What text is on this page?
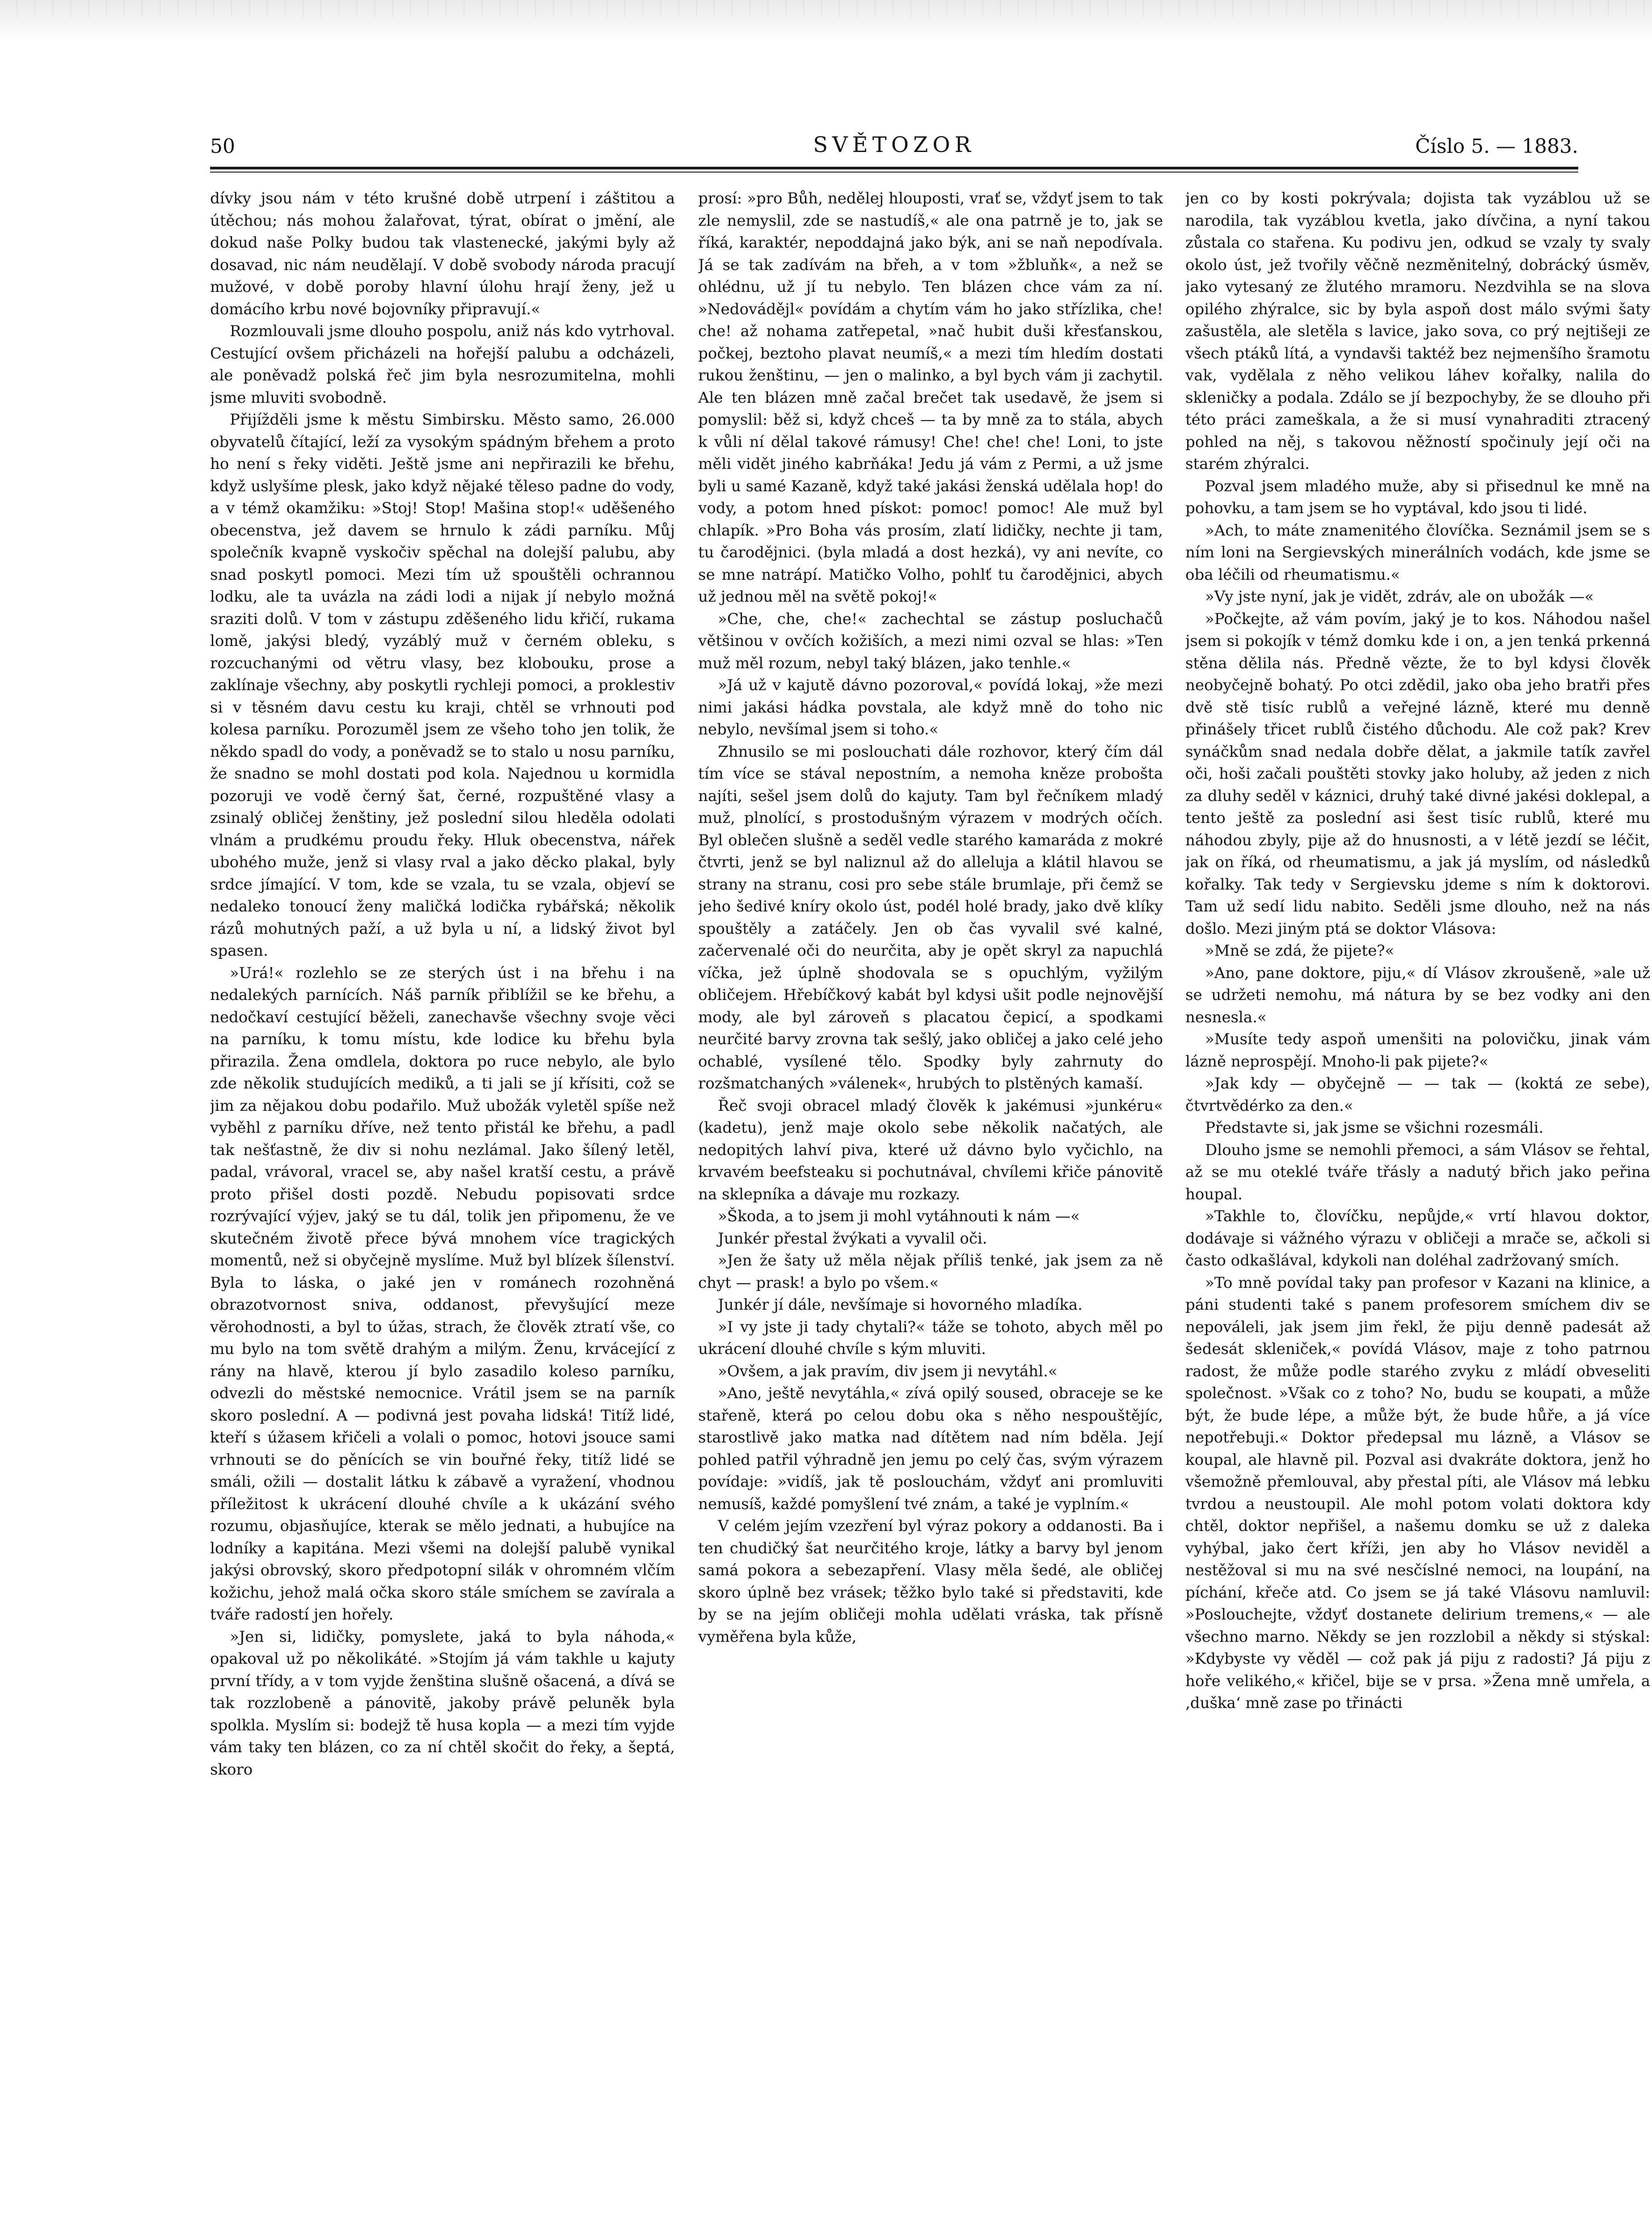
50	SVĚTOZOR	Číslo 5. — 1883.

dívky jsou nám v této krušné době utrpení i záštitou a útěchou; nás mohou žalařovat, týrat, obírat o jmění, ale dokud naše Polky budou tak vlastenecké, jakými byly až dosavad, nic nám neudělají. V době svobody národa pracují mužové, v době poroby hlavní úlohu hrají ženy, jež u domácího krbu nové bojovníky připravují.«

Rozmlouvali jsme dlouho pospolu, aniž nás kdo vytrhoval. Cestující ovšem přicházeli na hořejší palubu a odcházeli, ale poněvadž polská řeč jim byla nesrozumitelna, mohli jsme mluviti svobodně.

Přijížděli jsme k městu Simbirsku. Město samo, 26.000 obyvatelů čítající, leží za vysokým spádným břehem a proto ho není s řeky viděti. Ještě jsme ani nepřirazili ke břehu, když uslyšíme plesk, jako když nějaké těleso padne do vody, a v témž okamžiku: »Stoj! Stop! Mašina stop!« uděšeného obecenstva, jež davem se hrnulo k zádi parníku. Můj společník kvapně vyskočiv spěchal na dolejší palubu, aby snad poskytl pomoci. Mezi tím už spouštěli ochrannou lodku, ale ta uvázla na zádi lodi a nijak jí nebylo možná sraziti dolů. V tom v zástupu zděšeného lidu křičí, rukama lomě, jakýsi bledý, vyzáblý muž v černém obleku, s rozcuchanými od větru vlasy, bez klobouku, prose a zaklínaje všechny, aby poskytli rychleji pomoci, a proklestiv si v těsném davu cestu ku kraji, chtěl se vrhnouti pod kolesa parníku. Porozuměl jsem ze všeho toho jen tolik, že někdo spadl do vody, a poněvadž se to stalo u nosu parníku, že snadno se mohl dostati pod kola. Najednou u kormidla pozoruji ve vodě černý šat, černé, rozpuštěné vlasy a zsinalý obličej ženštiny, jež poslední silou hleděla odolati vlnám a prudkému proudu řeky. Hluk obecenstva, nářek ubohého muže, jenž si vlasy rval a jako děcko plakal, byly srdce jímající. V tom, kde se vzala, tu se vzala, objeví se nedaleko tonoucí ženy maličká lodička rybářská; několik rázů mohutných paží, a už byla u ní, a lidský život byl spasen.

»Urá!« rozlehlo se ze sterých úst i na břehu i na nedalekých parnících. Náš parník přiblížil se ke břehu, a nedočkaví cestující běželi, zanechavše všechny svoje věci na parníku, k tomu místu, kde lodice ku břehu byla přirazila. Žena omdlela, doktora po ruce nebylo, ale bylo zde několik studujících mediků, a ti jali se jí křísiti, což se jim za nějakou dobu podařilo. Muž ubožák vyletěl spíše než vyběhl z parníku dříve, než tento přistál ke břehu, a padl tak nešťastně, že div si nohu nezlámal. Jako šílený letěl, padal, vrávoral, vracel se, aby našel kratší cestu, a právě proto přišel dosti pozdě. Nebudu popisovati srdce rozrývající výjev, jaký se tu dál, tolik jen připomenu, že ve skutečném životě přece bývá mnohem více tragických momentů, než si obyčejně myslíme. Muž byl blízek šílenství. Byla to láska, o jaké jen v románech rozohněná obrazotvornost sniva, oddanost, převyšující meze věrohodnosti, a byl to úžas, strach, že člověk ztratí vše, co mu bylo na tom světě drahým a milým. Ženu, krvácející z rány na hlavě, kterou jí bylo zasadilo koleso parníku, odvezli do městské nemocnice. Vrátil jsem se na parník skoro poslední. A — podivná jest povaha lidská! Titíž lidé, kteří s úžasem křičeli a volali o pomoc, hotovi jsouce sami vrhnouti se do pěnících se vin bouřné řeky, titíž lidé se smáli, ožili — dostalit látku k zábavě a vyražení, vhodnou příležitost k ukrácení dlouhé chvíle a k ukázání svého rozumu, objasňujíce, kterak se mělo jednati, a hubujíce na lodníky a kapitána. Mezi všemi na dolejší palubě vynikal jakýsi obrovský, skoro předpotopní silák v ohromném vlčím kožichu, jehož malá očka skoro stále smíchem se zavírala a tváře radostí jen hořely.

»Jen si, lidičky, pomyslete, jaká to byla náhoda,« opakoval už po několikáté. »Stojím já vám takhle u kajuty první třídy, a v tom vyjde ženština slušně ošacená, a dívá se tak rozzlobeně a pánovitě, jakoby právě peluněk byla spolkla. Myslím si: bodejž tě husa kopla — a mezi tím vyjde vám taky ten blázen, co za ní chtěl skočit do řeky, a šeptá, skoro

prosí: »pro Bůh, nedělej hlouposti, vrať se, vždyť jsem to tak zle nemyslil, zde se nastudíš,« ale ona patrně je to, jak se říká, karaktér, nepoddajná jako býk, ani se naň nepodívala. Já se tak zadívám na břeh, a v tom »žbluňk«, a než se ohlédnu, už jí tu nebylo. Ten blázen chce vám za ní. »Nedovádějl« povídám a chytím vám ho jako střízlika, che! che! až nohama zatřepetal, »nač hubit duši křesťanskou, počkej, beztoho plavat neumíš,« a mezi tím hledím dostati rukou ženštinu, — jen o malinko, a byl bych vám ji zachytil. Ale ten blázen mně začal brečet tak usedavě, že jsem si pomyslil: běž si, když chceš — ta by mně za to stála, abych k vůli ní dělal takové rámusy! Che! che! che! Loni, to jste měli vidět jiného kabrňáka! Jedu já vám z Permi, a už jsme byli u samé Kazaně, když také jakási ženská udělala hop! do vody, a potom hned pískot: pomoc! pomoc! Ale muž byl chlapík. »Pro Boha vás prosím, zlatí lidičky, nechte ji tam, tu čarodějnici. (byla mladá a dost hezká), vy ani nevíte, co se mne natrápí. Matičko Volho, pohlť tu čarodějnici, abych už jednou měl na světě pokoj!«

»Che, che, che!« zachechtal se zástup posluchačů většinou v ovčích kožiších, a mezi nimi ozval se hlas: »Ten muž měl rozum, nebyl taký blázen, jako tenhle.«

»Já už v kajutě dávno pozoroval,« povídá lokaj, »že mezi nimi jakási hádka povstala, ale když mně do toho nic nebylo, nevšímal jsem si toho.«

Zhnusilo se mi poslouchati dále rozhovor, který čím dál tím více se stával nepostním, a nemoha kněze probošta najíti, sešel jsem dolů do kajuty. Tam byl řečníkem mladý muž, plnolící, s prostodušným výrazem v modrých očích. Byl oblečen slušně a seděl vedle starého kamaráda z mokré čtvrti, jenž se byl naliznul až do alleluja a klátil hlavou se strany na stranu, cosi pro sebe stále brumlaje, při čemž se jeho šedivé kníry okolo úst, podél holé brady, jako dvě klíky spouštěly a zatáčely. Jen ob čas vyvalil své kalné, začervenalé oči do neurčita, aby je opět skryl za napuchlá víčka, jež úplně shodovala se s opuchlým, vyžilým obličejem. Hřebíčkový kabát byl kdysi ušit podle nejnovější mody, ale byl zároveň s placatou čepicí, a spodkami neurčité barvy zrovna tak sešlý, jako obličej a jako celé jeho ochablé, vysílené tělo. Spodky byly zahrnuty do rozšmatchaných »válenek«, hrubých to plstěných kamaší.

Řeč svoji obracel mladý člověk k jakémusi »junkéru« (kadetu), jenž maje okolo sebe několik načatých, ale nedopitých lahví piva, které už dávno bylo vyčichlo, na krvavém beefsteaku si pochutnával, chvílemi křiče pánovitě na sklepníka a dávaje mu rozkazy.

»Škoda, a to jsem ji mohl vytáhnouti k nám —«

Junkér přestal žvýkati a vyvalil oči.

»Jen že šaty už měla nějak příliš tenké, jak jsem za ně chyt — prask! a bylo po všem.«

Junkér jí dále, nevšímaje si hovorného mladíka.

»I vy jste ji tady chytali?« táže se tohoto, abych měl po ukrácení dlouhé chvíle s kým mluviti.

»Ovšem, a jak pravím, div jsem ji nevytáhl.«

»Ano, ještě nevytáhla,« zívá opilý soused, obraceje se ke stařeně, která po celou dobu oka s něho nespouštějíc, starostlivě jako matka nad dítětem nad ním bděla. Její pohled patřil výhradně jen jemu po celý čas, svým výrazem povídaje: »vidíš, jak tě poslouchám, vždyť ani promluviti nemusíš, každé pomyšlení tvé znám, a také je vyplním.«

V celém jejím vzezření byl výraz pokory a oddanosti. Ba i ten chudičký šat neurčitého kroje, látky a barvy byl jenom samá pokora a sebezapření. Vlasy měla šedé, ale obličej skoro úplně bez vrásek; těžko bylo také si představiti, kde by se na jejím obličeji mohla udělati vráska, tak přísně vyměřena byla kůže,

jen co by kosti pokrývala; dojista tak vyzáblou už se narodila, tak vyzáblou kvetla, jako dívčina, a nyní takou zůstala co stařena. Ku podivu jen, odkud se vzaly ty svaly okolo úst, jež tvořily věčně nezměnitelný, dobrácký úsměv, jako vytesaný ze žlutého mramoru. Nezdvihla se na slova opilého zhýralce, sic by byla aspoň dost málo svými šaty zašustěla, ale sletěla s lavice, jako sova, co prý nejtišeji ze všech ptáků lítá, a vyndavši taktéž bez nejmenšího šramotu vak, vydělala z něho velikou láhev kořalky, nalila do skleničky a podala. Zdálo se jí bezpochyby, že se dlouho při této práci zameškala, a že si musí vynahraditi ztracený pohled na něj, s takovou něžností spočinuly její oči na starém zhýralci.

Pozval jsem mladého muže, aby si přisednul ke mně na pohovku, a tam jsem se ho vyptával, kdo jsou ti lidé.

»Ach, to máte znamenitého človíčka. Seznámil jsem se s ním loni na Sergievských minerálních vodách, kde jsme se oba léčili od rheumatismu.«

»Vy jste nyní, jak je vidět, zdráv, ale on ubožák —«

»Počkejte, až vám povím, jaký je to kos. Náhodou našel jsem si pokojík v témž domku kde i on, a jen tenká prkenná stěna dělila nás. Předně vězte, že to byl kdysi člověk neobyčejně bohatý. Po otci zdědil, jako oba jeho bratři přes dvě stě tisíc rublů a veřejné lázně, které mu denně přinášely třicet rublů čistého důchodu. Ale což pak? Krev synáčkům snad nedala dobře dělat, a jakmile tatík zavřel oči, hoši začali pouštěti stovky jako holuby, až jeden z nich za dluhy seděl v káznici, druhý také divné jakési doklepal, a tento ještě za poslední asi šest tisíc rublů, které mu náhodou zbyly, pije až do hnusnosti, a v létě jezdí se léčit, jak on říká, od rheumatismu, a jak já myslím, od následků kořalky. Tak tedy v Sergievsku jdeme s ním k doktorovi. Tam už sedí lidu nabito. Seděli jsme dlouho, než na nás došlo. Mezi jiným ptá se doktor Vlásova:

»Mně se zdá, že pijete?«

»Ano, pane doktore, piju,« dí Vlásov zkroušeně, »ale už se udržeti nemohu, má nátura by se bez vodky ani den nesnesla.«

»Musíte tedy aspoň umenšiti na polovičku, jinak vám lázně neprospějí. Mnoho-li pak pijete?«

»Jak kdy — obyčejně — — tak — (koktá ze sebe), čtvrtvědérko za den.«

Představte si, jak jsme se všichni rozesmáli.

Dlouho jsme se nemohli přemoci, a sám Vlásov se řehtal, až se mu oteklé tváře třásly a nadutý břich jako peřina houpal.

»Takhle to, človíčku, nepůjde,« vrtí hlavou doktor, dodávaje si vážného výrazu v obličeji a mrače se, ačkoli si často odkašlával, kdykoli nan doléhal zadržovaný smích.

»To mně povídal taky pan profesor v Kazani na klinice, a páni studenti také s panem profesorem smíchem div se nepováleli, jak jsem jim řekl, že piju denně padesát až šedesát skleniček,« povídá Vlásov, maje z toho patrnou radost, že může podle starého zvyku z mládí obveseliti společnost. »Však co z toho? No, budu se koupati, a může být, že bude lépe, a může být, že bude hůře, a já více nepotřebuji.« Doktor předepsal mu lázně, a Vlásov se koupal, ale hlavně pil. Pozval asi dvakráte doktora, jenž ho všemožně přemlouval, aby přestal píti, ale Vlásov má lebku tvrdou a neustoupil. Ale mohl potom volati doktora kdy chtěl, doktor nepřišel, a našemu domku se už z daleka vyhýbal, jako čert kříži, jen aby ho Vlásov neviděl a nestěžoval si mu na své nesčíslné nemoci, na loupání, na píchání, křeče atd. Co jsem se já také Vlásovu namluvil: »Poslouchejte, vždyť dostanete delirium tremens,« — ale všechno marno. Někdy se jen rozzlobil a někdy si stýskal: »Kdybyste vy věděl — což pak já piju z radosti? Já piju z hoře velikého,« křičel, bije se v prsa. »Žena mně umřela, a ‚duška‘ mně zase po třinácti
